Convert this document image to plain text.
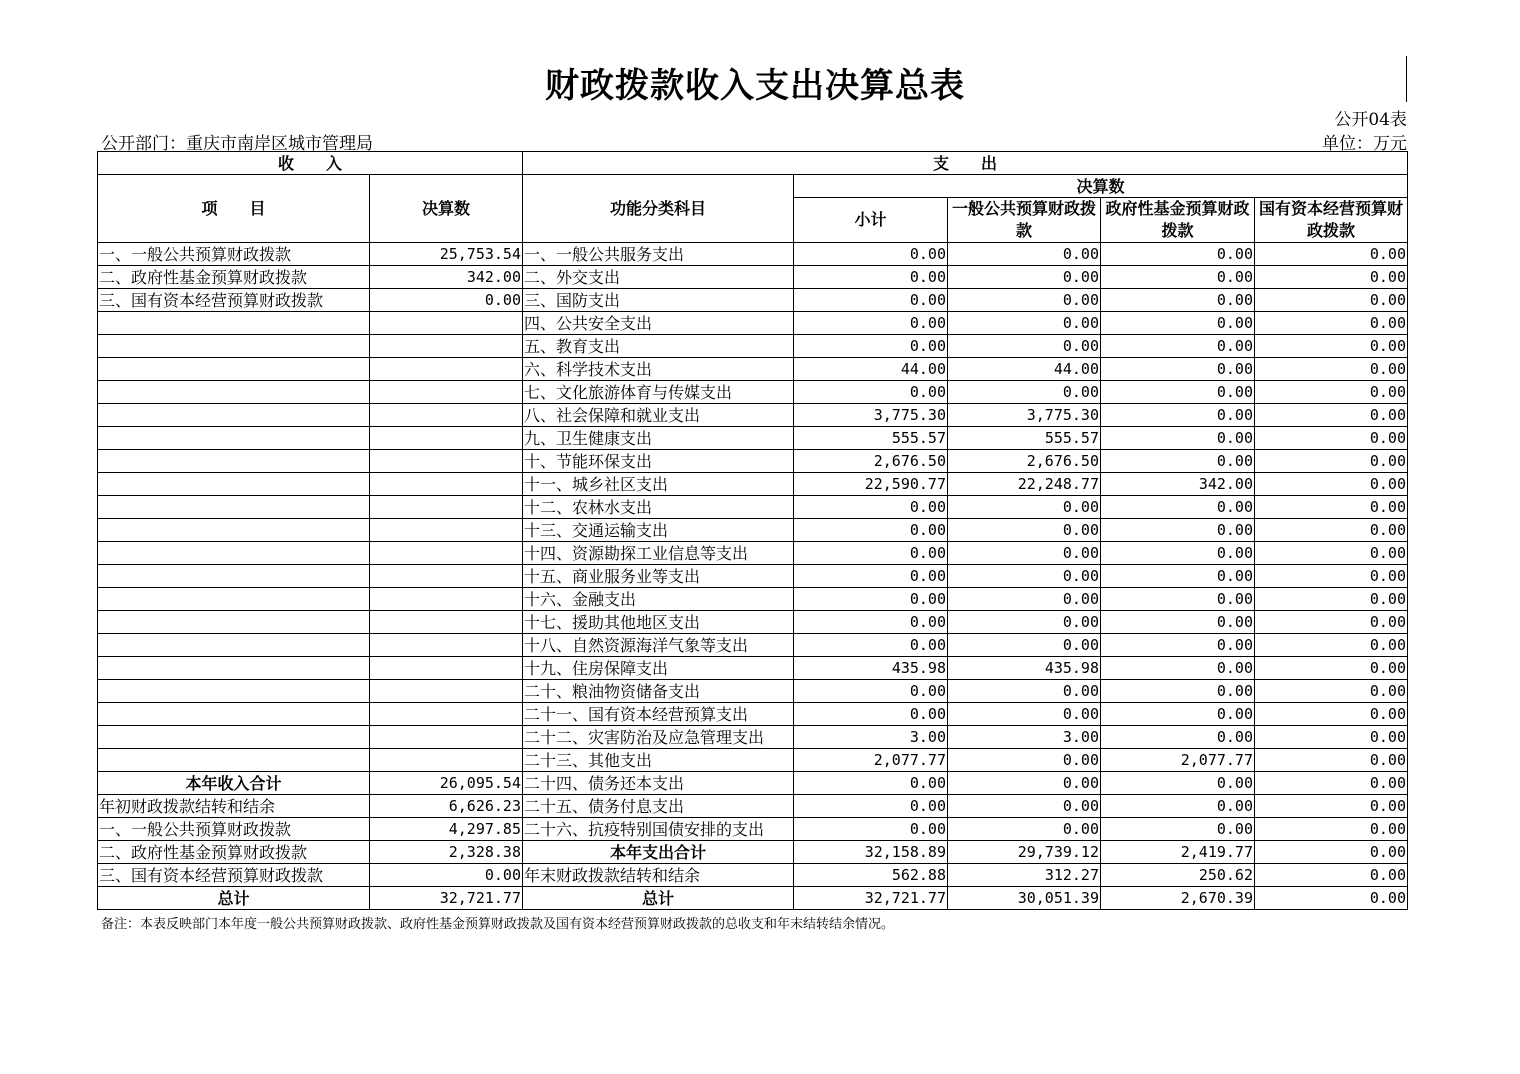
财政拨款收入支出决算总表
公开04表
公开部门：重庆市南岸区城市管理局	单位：万元
收　　入		支　　出				
项　　目	决算数	功能分类科目	决算数			
			小计	一般公共预算财政拨款	政府性基金预算财政拨款	国有资本经营预算财政拨款
一、一般公共预算财政拨款	25,753.54	一、一般公共服务支出	0.00	0.00	0.00	0.00
二、政府性基金预算财政拨款	342.00	二、外交支出	0.00	0.00	0.00	0.00
三、国有资本经营预算财政拨款	0.00	三、国防支出	0.00	0.00	0.00	0.00
		四、公共安全支出	0.00	0.00	0.00	0.00
		五、教育支出	0.00	0.00	0.00	0.00
		六、科学技术支出	44.00	44.00	0.00	0.00
		七、文化旅游体育与传媒支出	0.00	0.00	0.00	0.00
		八、社会保障和就业支出	3,775.30	3,775.30	0.00	0.00
		九、卫生健康支出	555.57	555.57	0.00	0.00
		十、节能环保支出	2,676.50	2,676.50	0.00	0.00
		十一、城乡社区支出	22,590.77	22,248.77	342.00	0.00
		十二、农林水支出	0.00	0.00	0.00	0.00
		十三、交通运输支出	0.00	0.00	0.00	0.00
		十四、资源勘探工业信息等支出	0.00	0.00	0.00	0.00
		十五、商业服务业等支出	0.00	0.00	0.00	0.00
		十六、金融支出	0.00	0.00	0.00	0.00
		十七、援助其他地区支出	0.00	0.00	0.00	0.00
		十八、自然资源海洋气象等支出	0.00	0.00	0.00	0.00
		十九、住房保障支出	435.98	435.98	0.00	0.00
		二十、粮油物资储备支出	0.00	0.00	0.00	0.00
		二十一、国有资本经营预算支出	0.00	0.00	0.00	0.00
		二十二、灾害防治及应急管理支出	3.00	3.00	0.00	0.00
		二十三、其他支出	2,077.77	0.00	2,077.77	0.00
本年收入合计	26,095.54	二十四、债务还本支出	0.00	0.00	0.00	0.00
年初财政拨款结转和结余	6,626.23	二十五、债务付息支出	0.00	0.00	0.00	0.00
一、一般公共预算财政拨款	4,297.85	二十六、抗疫特别国债安排的支出	0.00	0.00	0.00	0.00
二、政府性基金预算财政拨款	2,328.38	本年支出合计	32,158.89	29,739.12	2,419.77	0.00
三、国有资本经营预算财政拨款	0.00	年末财政拨款结转和结余	562.88	312.27	250.62	0.00
总计	32,721.77	总计	32,721.77	30,051.39	2,670.39	0.00
备注：本表反映部门本年度一般公共预算财政拨款、政府性基金预算财政拨款及国有资本经营预算财政拨款的总收支和年末结转结余情况。
